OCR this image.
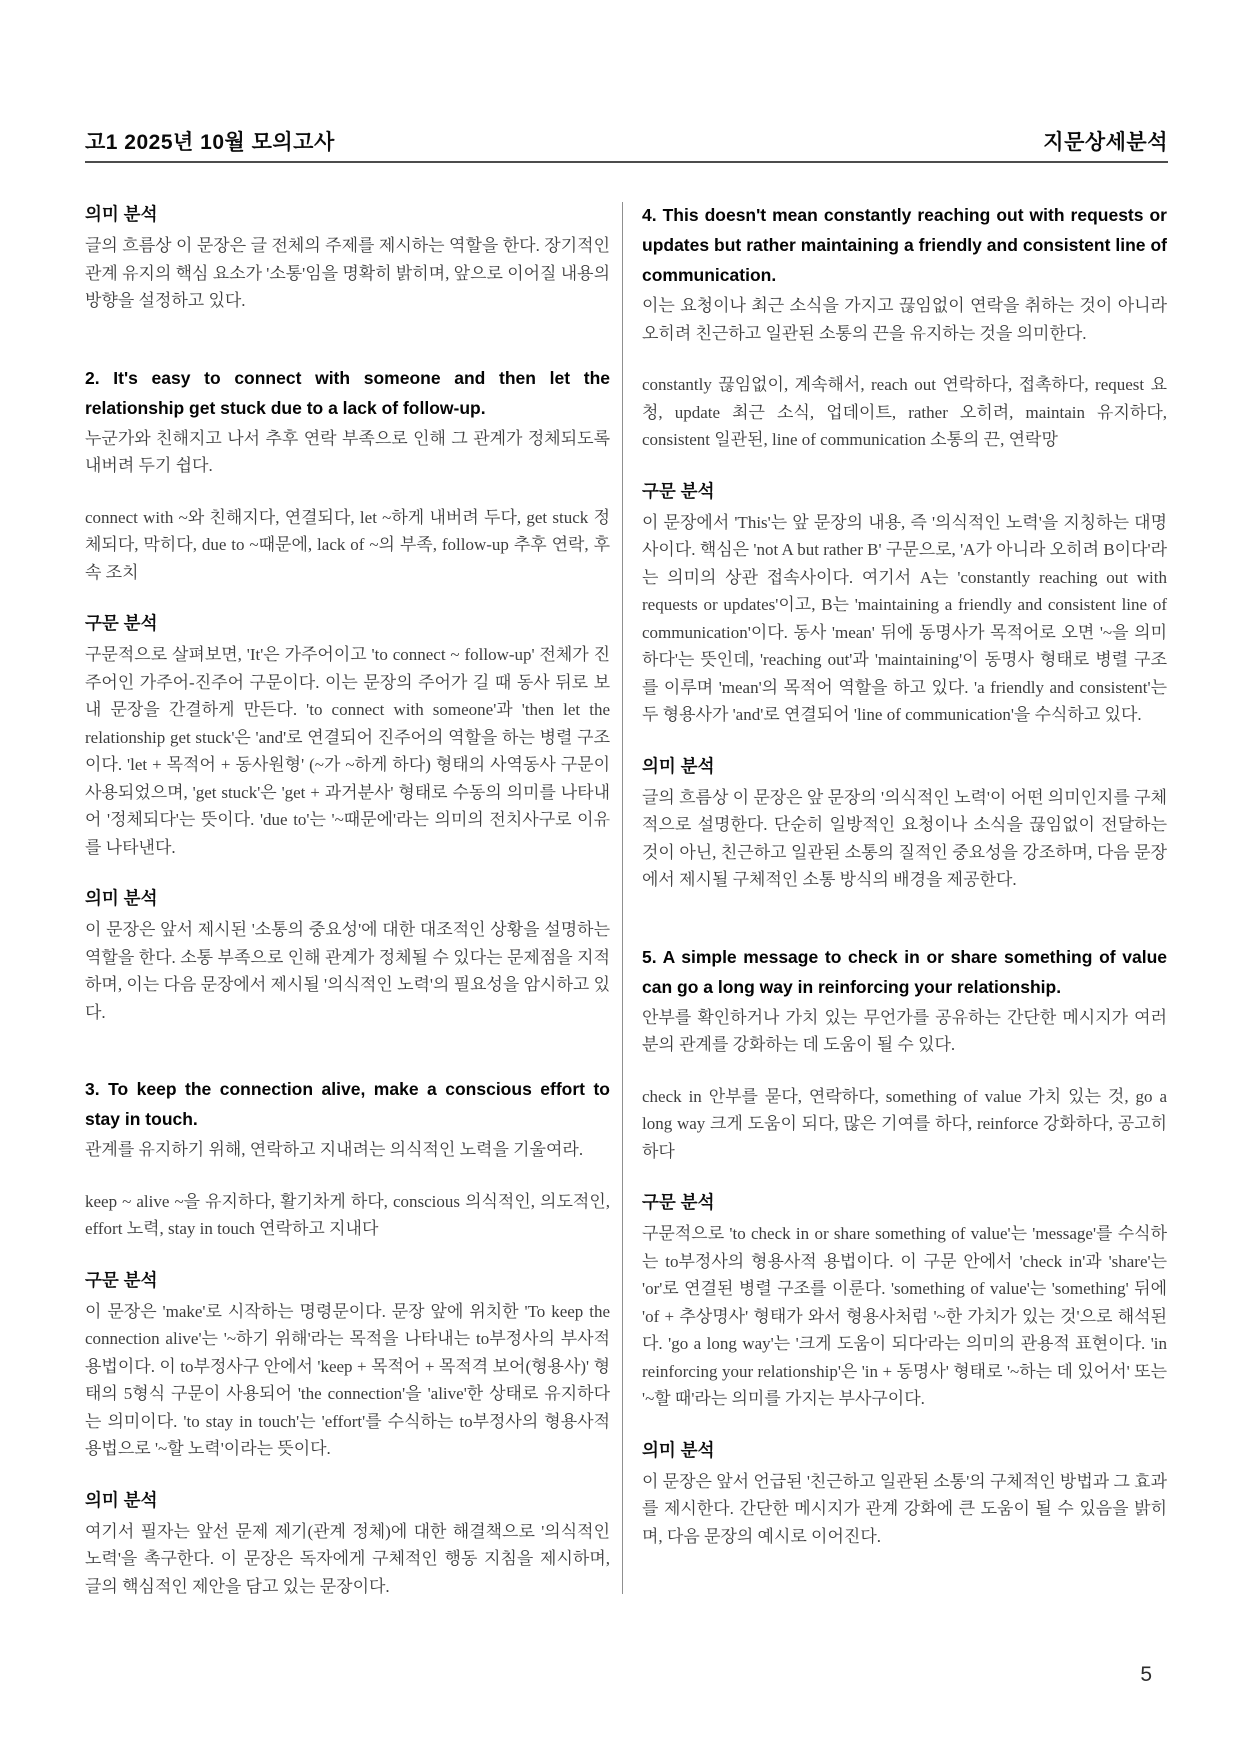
고1 2025년 10월 모의고사	지문상세분석
의미 분석

글의 흐름상 이 문장은 글 전체의 주제를 제시하는 역할을 한다. 장기적인 관계 유지의 핵심 요소가 '소통'임을 명확히 밝히며, 앞으로 이어질 내용의 방향을 설정하고 있다.

2. It's easy to connect with someone and then let the relationship get stuck due to a lack of follow-up.

누군가와 친해지고 나서 추후 연락 부족으로 인해 그 관계가 정체되도록 내버려 두기 쉽다.

connect with ~와 친해지다, 연결되다, let ~하게 내버려 두다, get stuck 정체되다, 막히다, due to ~때문에, lack of ~의 부족, follow-up 추후 연락, 후속 조치

구문 분석

구문적으로 살펴보면, 'It'은 가주어이고 'to connect ~ follow-up' 전체가 진주어인 가주어-진주어 구문이다. 이는 문장의 주어가 길 때 동사 뒤로 보내 문장을 간결하게 만든다. 'to connect with someone'과 'then let the relationship get stuck'은 'and'로 연결되어 진주어의 역할을 하는 병렬 구조이다. 'let + 목적어 + 동사원형' (~가 ~하게 하다) 형태의 사역동사 구문이 사용되었으며, 'get stuck'은 'get + 과거분사' 형태로 수동의 의미를 나타내어 '정체되다'는 뜻이다. 'due to'는 '~때문에'라는 의미의 전치사구로 이유를 나타낸다.

의미 분석

이 문장은 앞서 제시된 '소통의 중요성'에 대한 대조적인 상황을 설명하는 역할을 한다. 소통 부족으로 인해 관계가 정체될 수 있다는 문제점을 지적하며, 이는 다음 문장에서 제시될 '의식적인 노력'의 필요성을 암시하고 있다.

3. To keep the connection alive, make a conscious effort to stay in touch.

관계를 유지하기 위해, 연락하고 지내려는 의식적인 노력을 기울여라.

keep ~ alive ~을 유지하다, 활기차게 하다, conscious 의식적인, 의도적인, effort 노력, stay in touch 연락하고 지내다

구문 분석

이 문장은 'make'로 시작하는 명령문이다. 문장 앞에 위치한 'To keep the connection alive'는 '~하기 위해'라는 목적을 나타내는 to부정사의 부사적 용법이다. 이 to부정사구 안에서 'keep + 목적어 + 목적격 보어(형용사)' 형태의 5형식 구문이 사용되어 'the connection'을 'alive'한 상태로 유지하다는 의미이다. 'to stay in touch'는 'effort'를 수식하는 to부정사의 형용사적 용법으로 '~할 노력'이라는 뜻이다.

의미 분석

여기서 필자는 앞선 문제 제기(관계 정체)에 대한 해결책으로 '의식적인 노력'을 촉구한다. 이 문장은 독자에게 구체적인 행동 지침을 제시하며, 글의 핵심적인 제안을 담고 있는 문장이다.

4. This doesn't mean constantly reaching out with requests or updates but rather maintaining a friendly and consistent line of communication.

이는 요청이나 최근 소식을 가지고 끊임없이 연락을 취하는 것이 아니라 오히려 친근하고 일관된 소통의 끈을 유지하는 것을 의미한다.

constantly 끊임없이, 계속해서, reach out 연락하다, 접촉하다, request 요청, update 최근 소식, 업데이트, rather 오히려, maintain 유지하다, consistent 일관된, line of communication 소통의 끈, 연락망

구문 분석

이 문장에서 'This'는 앞 문장의 내용, 즉 '의식적인 노력'을 지칭하는 대명사이다. 핵심은 'not A but rather B' 구문으로, 'A가 아니라 오히려 B이다'라는 의미의 상관 접속사이다. 여기서 A는 'constantly reaching out with requests or updates'이고, B는 'maintaining a friendly and consistent line of communication'이다. 동사 'mean' 뒤에 동명사가 목적어로 오면 '~을 의미하다'는 뜻인데, 'reaching out'과 'maintaining'이 동명사 형태로 병렬 구조를 이루며 'mean'의 목적어 역할을 하고 있다. 'a friendly and consistent'는 두 형용사가 'and'로 연결되어 'line of communication'을 수식하고 있다.

의미 분석

글의 흐름상 이 문장은 앞 문장의 '의식적인 노력'이 어떤 의미인지를 구체적으로 설명한다. 단순히 일방적인 요청이나 소식을 끊임없이 전달하는 것이 아닌, 친근하고 일관된 소통의 질적인 중요성을 강조하며, 다음 문장에서 제시될 구체적인 소통 방식의 배경을 제공한다.

5. A simple message to check in or share something of value can go a long way in reinforcing your relationship.

안부를 확인하거나 가치 있는 무언가를 공유하는 간단한 메시지가 여러분의 관계를 강화하는 데 도움이 될 수 있다.

check in 안부를 묻다, 연락하다, something of value 가치 있는 것, go a long way 크게 도움이 되다, 많은 기여를 하다, reinforce 강화하다, 공고히 하다

구문 분석

구문적으로 'to check in or share something of value'는 'message'를 수식하는 to부정사의 형용사적 용법이다. 이 구문 안에서 'check in'과 'share'는 'or'로 연결된 병렬 구조를 이룬다. 'something of value'는 'something' 뒤에 'of + 추상명사' 형태가 와서 형용사처럼 '~한 가치가 있는 것'으로 해석된다. 'go a long way'는 '크게 도움이 되다'라는 의미의 관용적 표현이다. 'in reinforcing your relationship'은 'in + 동명사' 형태로 '~하는 데 있어서' 또는 '~할 때'라는 의미를 가지는 부사구이다.

의미 분석

이 문장은 앞서 언급된 '친근하고 일관된 소통'의 구체적인 방법과 그 효과를 제시한다. 간단한 메시지가 관계 강화에 큰 도움이 될 수 있음을 밝히며, 다음 문장의 예시로 이어진다.

5
